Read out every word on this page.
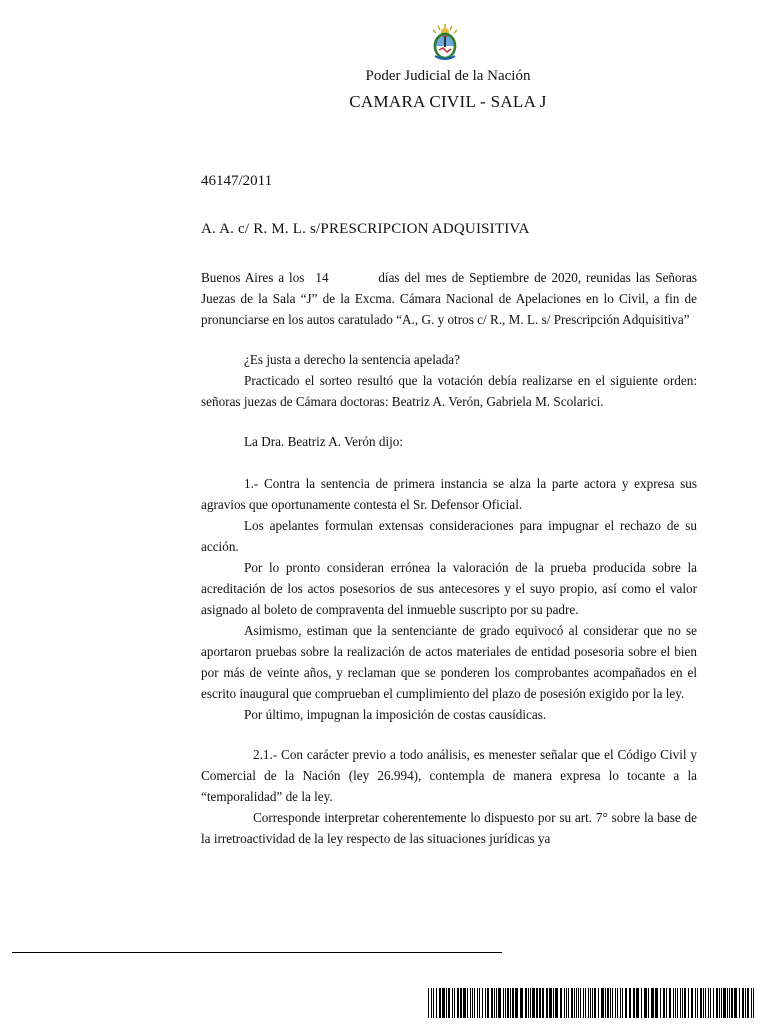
Poder Judicial de la Nación
CAMARA CIVIL - SALA J
46147/2011
A. A. c/ R. M. L. s/PRESCRIPCION ADQUISITIVA

Buenos Aires a los 14	días del mes de Septiembre de 2020, reunidas las Señoras Juezas de la Sala “J” de la Excma. Cámara Nacional de Apelaciones en lo Civil, a fin de pronunciarse en los autos caratulado “A., G. y otros c/ R., M. L. s/ Prescripción Adquisitiva”

¿Es justa a derecho la sentencia apelada?

Practicado el sorteo resultó que la votación debía realizarse en el siguiente orden: señoras juezas de Cámara doctoras: Beatriz A. Verón, Gabriela M. Scolarici.

La Dra. Beatriz A. Verón dijo:

1.- Contra la sentencia de primera instancia se alza la parte actora y expresa sus agravios que oportunamente contesta el Sr. Defensor Oficial.

Los apelantes formulan extensas consideraciones para impugnar el rechazo de su acción.

Por lo pronto consideran errónea la valoración de la prueba producida sobre la acreditación de los actos posesorios de sus antecesores y el suyo propio, así como el valor asignado al boleto de compraventa del inmueble suscripto por su padre.

Asimismo, estiman que la sentenciante de grado equivocó al considerar que no se aportaron pruebas sobre la realización de actos materiales de entidad posesoria sobre el bien por más de veinte años, y reclaman que se ponderen los comprobantes acompañados en el escrito inaugural que comprueban el cumplimiento del plazo de posesión exigido por la ley.

Por último, impugnan la imposición de costas causídicas.

2.1.- Con carácter previo a todo análisis, es menester señalar que el Código Civil y Comercial de la Nación (ley 26.994), contempla de manera expresa lo tocante a la “temporalidad” de la ley.

Corresponde interpretar coherentemente lo dispuesto por su art. 7° sobre la base de la irretroactividad de la ley respecto de las situaciones jurídicas ya
